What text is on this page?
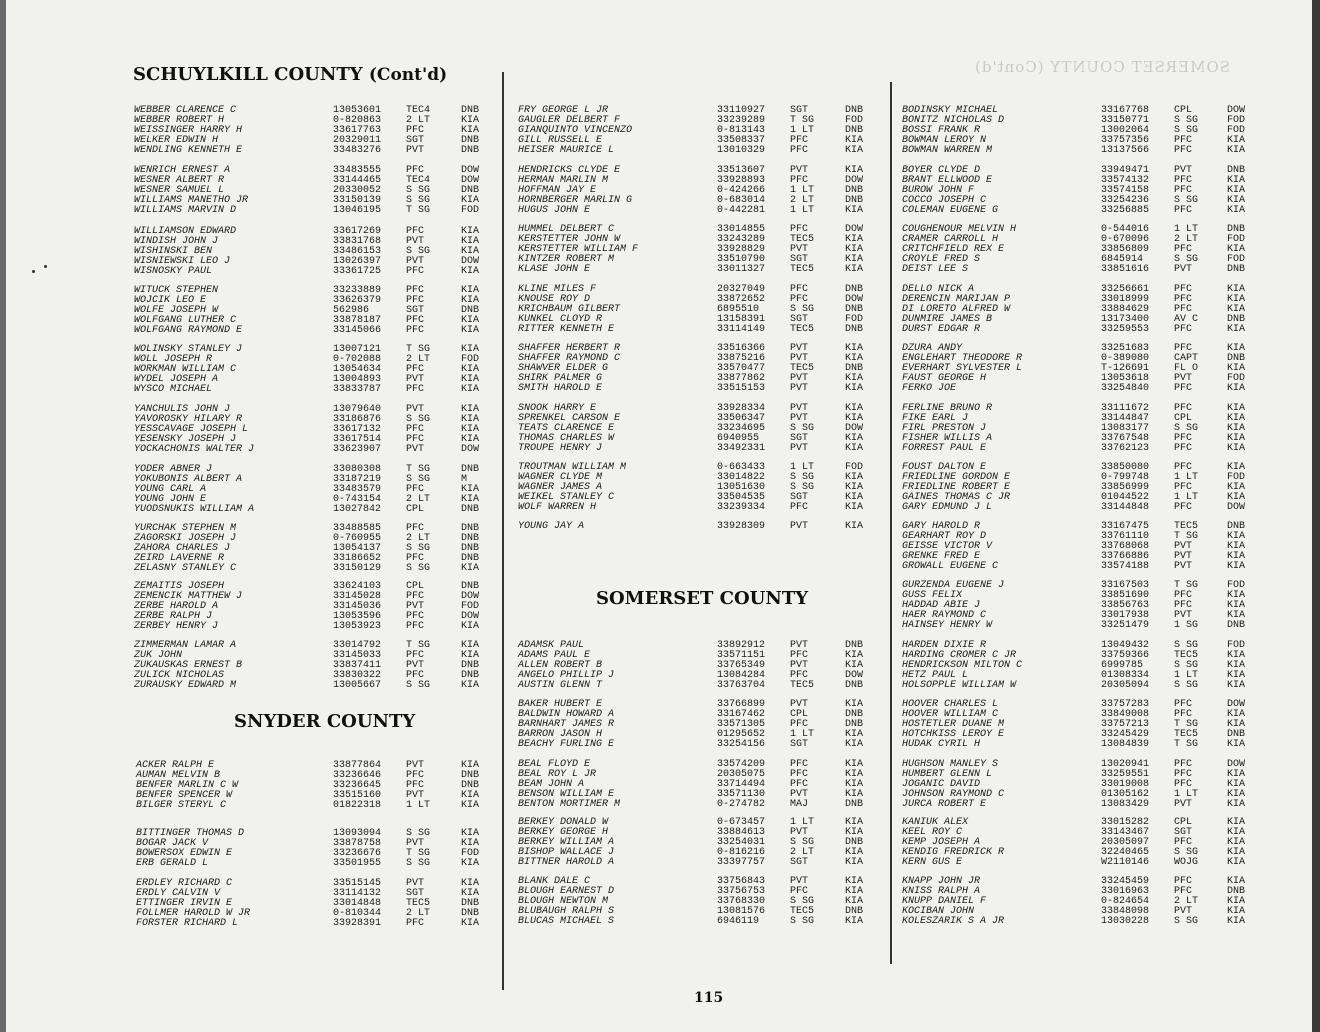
SOMERSET COUNTY (Cont'd)
SCHUYLKILL COUNTY (Cont'd)
SNYDER COUNTY
SOMERSET COUNTY
WEBBER CLARENCE C	13053601 TEC4	DNB
WEBBER ROBERT H	0-820863 2 LT	KIA
WEISSINGER HARRY H	33617763 PFC	KIA
WELKER EDWIN H	20329011 SGT	DNB
WENDLING KENNETH E	33483276 PVT	DNB
WENRICH ERNEST A	33483555 PFC	DOW
WESNER ALBERT R	33144465 TEC4	DOW
WESNER SAMUEL L	20330052 S SG	DNB
WILLIAMS MANETHO JR	33150139 S SG	KIA
WILLIAMS MARVIN D	13046195 T SG	FOD
WILLIAMSON EDWARD	33617269 PFC	KIA
WINDISH JOHN J	33831768 PVT	KIA
WISHINSKI BEN	33486153 S SG	KIA
WISNIEWSKI LEO J	13026397 PVT	DOW
WISNOSKY PAUL	33361725 PFC	KIA
WITUCK STEPHEN	33233889 PFC	KIA
WOJCIK LEO E	33626379 PFC	KIA
WOLFE JOSEPH W	562986	SGT	DNB
WOLFGANG LUTHER C	33878187 PFC	KIA
WOLFGANG RAYMOND E	33145066 PFC	KIA
WOLINSKY STANLEY J	13007121 T SG	KIA
WOLL JOSEPH R	0-702088 2 LT	FOD
WORKMAN WILLIAM C	13054634 PFC	KIA
WYDEL JOSEPH A	13004893 PVT	KIA
WYSCO MICHAEL	33833787 PFC	KIA
YANCHULIS JOHN J	13079640 PVT	KIA
YAVOROSKY HILARY R	33186876 S SG	KIA
YESSCAVAGE JOSEPH L	33617132 PFC	KIA
YESENSKY JOSEPH J	33617514 PFC	KIA
YOCKACHONIS WALTER J	33623907 PVT	DOW
YODER ABNER J	33080308 T SG	DNB
YOKUBONIS ALBERT A	33187219 S SG	M
YOUNG CARL A	33483579 PFC	KIA
YOUNG JOHN E	0-743154 2 LT	KIA
YUODSNUKIS WILLIAM A	13027842 CPL	DNB
YURCHAK STEPHEN M	33488585 PFC	DNB
ZAGORSKI JOSEPH J	0-760955 2 LT	DNB
ZAHORA CHARLES J	13054137 S SG	DNB
ZEIRD LAVERNE R	33186652 PFC	DNB
ZELASNY STANLEY C	33150129 S SG	KIA
ZEMAITIS JOSEPH	33624103 CPL	DNB
ZEMENCIK MATTHEW J	33145028 PFC	DOW
ZERBE HAROLD A	33145036 PVT	FOD
ZERBE RALPH J	13053596 PFC	DOW
ZERBEY HENRY J	13053923 PFC	KIA
ZIMMERMAN LAMAR A	33014792 T SG	KIA
ZUK JOHN	33145033 PFC	KIA
ZUKAUSKAS ERNEST B	33837411 PVT	DNB
ZULICK NICHOLAS	33830322 PFC	DNB
ZURAUSKY EDWARD M	13005667 S SG	KIA
ACKER RALPH E	33877864 PVT	KIA
AUMAN MELVIN B	33236646 PFC	DNB
BENFER MARLIN C W	33236645 PFC	DNB
BENFER SPENCER W	33515160 PVT	KIA
BILGER STERYL C	01822318 1 LT	KIA
BITTINGER THOMAS D	13093094 S SG	KIA
BOGAR JACK V	33878758 PVT	KIA
BOWERSOX EDWIN E	33236676 T SG	FOD
ERB GERALD L	33501955 S SG	KIA
ERDLEY RICHARD C	33515145 PVT	KIA
ERDLY CALVIN V	33114132 SGT	KIA
ETTINGER IRVIN E	33014848 TEC5	DNB
FOLLMER HAROLD W JR	0-810344 2 LT	DNB
FORSTER RICHARD L	33928391 PFC	KIA
FRY GEORGE L JR	33110927 SGT	DNB
GAUGLER DELBERT F	33239289 T SG	FOD
GIANQUINTO VINCENZO	0-813143 1 LT	DNB
GILL RUSSELL E	33508337 PFC	KIA
HEISER MAURICE L	13010329 PFC	KIA
HENDRICKS CLYDE E	33513607 PVT	KIA
HERMAN MARLIN M	33928893 PFC	DOW
HOFFMAN JAY E	0-424266 1 LT	DNB
HORNBERGER MARLIN G	0-683014 2 LT	DNB
HUGUS JOHN E	0-442281 1 LT	KIA
HUMMEL DELBERT C	33014855 PFC	DOW
KERSTETTER JOHN W	33243289 TEC5	KIA
KERSTETTER WILLIAM F	33928829 PVT	KIA
KINTZER ROBERT M	33510790 SGT	KIA
KLASE JOHN E	33011327 TEC5	KIA
KLINE MILES F	20327049 PFC	DNB
KNOUSE ROY D	33872652 PFC	DOW
KRICHBAUM GILBERT	6895510	S SG	DNB
KUNKEL CLOYD R	13158391 SGT	FOD
RITTER KENNETH E	33114149 TEC5	DNB
SHAFFER HERBERT R	33516366 PVT	KIA
SHAFFER RAYMOND C	33875216 PVT	KIA
SHAWVER ELDER G	33570477 TEC5	DNB
SHIRK PALMER G	33877862 PVT	KIA
SMITH HAROLD E	33515153 PVT	KIA
SNOOK HARRY E	33928334 PVT	KIA
SPRENKEL CARSON E	33506347 PVT	KIA
TEATS CLARENCE E	33234695 S SG	DOW
THOMAS CHARLES W	6940955	SGT	KIA
TROUPE HENRY J	33492331 PVT	KIA
TROUTMAN WILLIAM M	0-663433 1 LT	FOD
WAGNER CLYDE M	33014822 S SG	KIA
WAGNER JAMES A	13051630 S SG	KIA
WEIKEL STANLEY C	33504535 SGT	KIA
WOLF WARREN H	33239334 PFC	KIA
YOUNG JAY A	33928309 PVT	KIA
ADAMSK PAUL	33892912 PVT	DNB
ADAMS PAUL E	33571151 PFC	KIA
ALLEN ROBERT B	33765349 PVT	KIA
ANGELO PHILLIP J	13084284 PFC	DOW
AUSTIN GLENN T	33763704 TEC5	DNB
BAKER HUBERT E	33766899 PVT	KIA
BALDWIN HOWARD A	33167462 CPL	DNB
BARNHART JAMES R	33571305 PFC	DNB
BARRON JASON H	01295652 1 LT	KIA
BEACHY FURLING E	33254156 SGT	KIA
BEAL FLOYD E	33574209 PFC	KIA
BEAL ROY L JR	20305075 PFC	KIA
BEAM JOHN A	33714494 PFC	KIA
BENSON WILLIAM E	33571130 PVT	KIA
BENTON MORTIMER M	0-274782 MAJ	DNB
BERKEY DONALD W	0-673457 1 LT	KIA
BERKEY GEORGE H	33884613 PVT	KIA
BERKEY WILLIAM A	33254031 S SG	DNB
BISHOP WALLACE J	0-816216 2 LT	KIA
BITTNER HAROLD A	33397757 SGT	KIA
BLANK DALE C	33756843 PVT	KIA
BLOUGH EARNEST D	33756753 PFC	KIA
BLOUGH NEWTON M	33768330 S SG	KIA
BLUBAUGH RALPH S	13081576 TEC5	DNB
BLUCAS MICHAEL S	6946119	S SG	KIA
BODINSKY MICHAEL	33167768 CPL	DOW
BONITZ NICHOLAS D	33150771 S SG	FOD
BOSSI FRANK R	13002064 S SG	FOD
BOWMAN LEROY N	33757356 PFC	KIA
BOWMAN WARREN M	13137566 PFC	KIA
BOYER CLYDE D	33949471 PVT	DNB
BRANT ELLWOOD E	33574132 PFC	KIA
BUROW JOHN F	33574158 PFC	KIA
COCCO JOSEPH C	33254236 S SG	KIA
COLEMAN EUGENE G	33256885 PFC	KIA
COUGHENOUR MELVIN H	0-544016 1 LT	DNB
CRAMER CARROLL H	0-670096 2 LT	FOD
CRITCHFIELD REX E	33856809 PFC	KIA
CROYLE FRED S	6845914	S SG	FOD
DEIST LEE S	33851616 PVT	DNB
DELLO NICK A	33256661 PFC	KIA
DERENCIN MARIJAN P	33018999 PFC	KIA
DI LORETO ALFRED W	33884629 PFC	KIA
DUNMIRE JAMES B	13173400 AV C	DNB
DURST EDGAR R	33259553 PFC	KIA
DZURA ANDY	33251683 PFC	KIA
ENGLEHART THEODORE R	0-389080 CAPT	DNB
EVERHART SYLVESTER L	T-126691 FL O	KIA
FAUST GEORGE H	13053618 PVT	FOD
FERKO JOE	33254840 PFC	KIA
FERLINE BRUNO R	33111672 PFC	KIA
FIKE EARL J	33144847 CPL	KIA
FIRL PRESTON J	13083177 S SG	KIA
FISHER WILLIS A	33767548 PFC	KIA
FORREST PAUL E	33762123 PFC	KIA
FOUST DALTON E	33850080 PFC	KIA
FRIEDLINE GORDON E	0-799748 1 LT	FOD
FRIEDLINE ROBERT E	33856999 PFC	KIA
GAINES THOMAS C JR	01044522 1 LT	KIA
GARY EDMUND J L	33144848 PFC	DOW
GARY HAROLD R	33167475 TEC5	DNB
GEARHART ROY D	33761110 T SG	KIA
GEISSE VICTOR V	33768068 PVT	KIA
GRENKE FRED E	33766886 PVT	KIA
GROWALL EUGENE C	33574188 PVT	KIA
GURZENDA EUGENE J	33167503 T SG	FOD
GUSS FELIX	33851690 PFC	KIA
HADDAD ABIE J	33856763 PFC	KIA
HAER RAYMOND C	33017938 PVT	KIA
HAINSEY HENRY W	33251479 1 SG	DNB
HARDEN DIXIE R	13049432 S SG	FOD
HARDING CROMER C JR	33759366 TEC5	KIA
HENDRICKSON MILTON C	6999785	S SG	KIA
HETZ PAUL L	01308334 1 LT	KIA
HOLSOPPLE WILLIAM W	20305094 S SG	KIA
HOOVER CHARLES L	33757283 PFC	DOW
HOOVER WILLIAM C	33849008 PFC	KIA
HOSTETLER DUANE M	33757213 T SG	KIA
HOTCHKISS LEROY E	33245429 TEC5	DNB
HUDAK CYRIL H	13084839 T SG	KIA
HUGHSON MANLEY S	13020941 PFC	DOW
HUMBERT GLENN L	33259551 PFC	KIA
JOGANIC DAVID	33019008 PFC	KIA
JOHNSON RAYMOND C	01305162 1 LT	KIA
JURCA ROBERT E	13083429 PVT	KIA
KANIUK ALEX	33015282 CPL	KIA
KEEL ROY C	33143467 SGT	KIA
KEMP JOSEPH A	20305097 PFC	KIA
KENDIG FREDRICK R	32240465 S SG	KIA
KERN GUS E	W2110146 WOJG	KIA
KNAPP JOHN JR	33245459 PFC	KIA
KNISS RALPH A	33016963 PFC	DNB
KNUPP DANIEL F	0-824654 2 LT	KIA
KOCIBAN JOHN	33848098 PVT	KIA
KOLESZARIK S A JR	13030228 S SG	KIA
115
